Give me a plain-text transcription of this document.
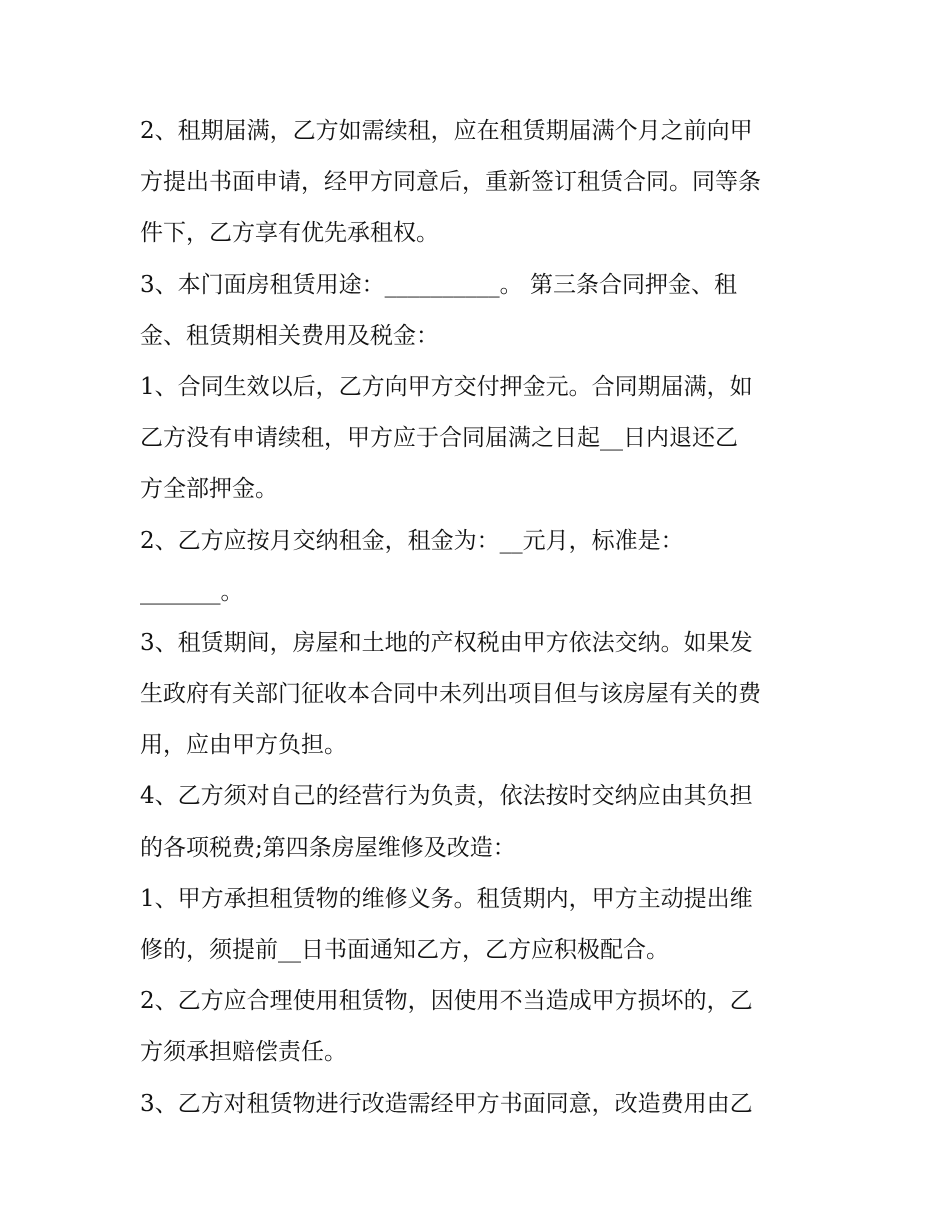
2、租期届满，乙方如需续租，应在租赁期届满个月之前向甲
方提出书面申请，经甲方同意后，重新签订租赁合同。同等条
件下，乙方享有优先承租权。
3、本门面房租赁用途：__________。 第三条合同押金、租
金、租赁期相关费用及税金：
1、合同生效以后，乙方向甲方交付押金元。合同期届满，如
乙方没有申请续租，甲方应于合同届满之日起__日内退还乙
方全部押金。
2、乙方应按月交纳租金，租金为：__元月，标准是：
_______。
3、租赁期间，房屋和土地的产权税由甲方依法交纳。如果发
生政府有关部门征收本合同中未列出项目但与该房屋有关的费
用，应由甲方负担。
4、乙方须对自己的经营行为负责，依法按时交纳应由其负担
的各项税费;第四条房屋维修及改造：
1、甲方承担租赁物的维修义务。租赁期内，甲方主动提出维
修的，须提前__日书面通知乙方，乙方应积极配合。
2、乙方应合理使用租赁物，因使用不当造成甲方损坏的，乙
方须承担赔偿责任。
3、乙方对租赁物进行改造需经甲方书面同意，改造费用由乙
